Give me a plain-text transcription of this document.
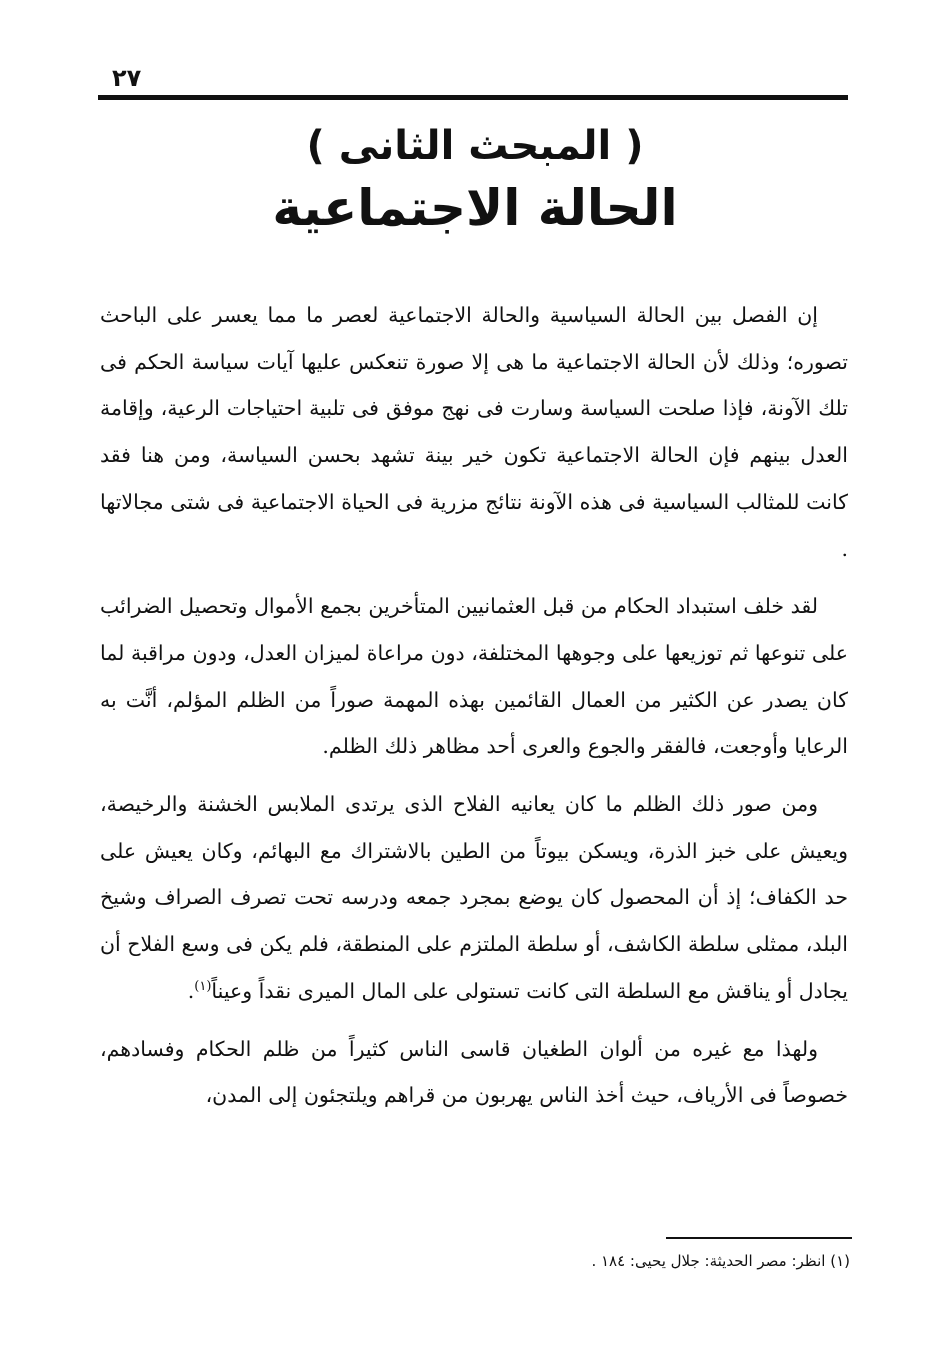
٢٧
( المبحث الثانى )
الحالة الاجتماعية

إن الفصل بين الحالة السياسية والحالة الاجتماعية لعصر ما مما يعسر على الباحث تصوره؛ وذلك لأن الحالة الاجتماعية ما هى إلا صورة تنعكس عليها آيات سياسة الحكم فى تلك الآونة، فإذا صلحت السياسة وسارت فى نهج موفق فى تلبية احتياجات الرعية، وإقامة العدل بينهم فإن الحالة الاجتماعية تكون خير بينة تشهد بحسن السياسة، ومن هنا فقد كانت للمثالب السياسية فى هذه الآونة نتائج مزرية فى الحياة الاجتماعية فى شتى مجالاتها .

لقد خلف استبداد الحكام من قبل العثمانيين المتأخرين بجمع الأموال وتحصيل الضرائب على تنوعها ثم توزيعها على وجوهها المختلفة، دون مراعاة لميزان العدل، ودون مراقبة لما كان يصدر عن الكثير من العمال القائمين بهذه المهمة صوراً من الظلم المؤلم، أنَّت به الرعايا وأوجعت، فالفقر والجوع والعرى أحد مظاهر ذلك الظلم.

ومن صور ذلك الظلم ما كان يعانيه الفلاح الذى يرتدى الملابس الخشنة والرخيصة، ويعيش على خبز الذرة، ويسكن بيوتاً من الطين بالاشتراك مع البهائم، وكان يعيش على حد الكفاف؛ إذ أن المحصول كان يوضع بمجرد جمعه ودرسه تحت تصرف الصراف وشيخ البلد، ممثلى سلطة الكاشف، أو سلطة الملتزم على المنطقة، فلم يكن فى وسع الفلاح أن يجادل أو يناقش مع السلطة التى كانت تستولى على المال الميرى نقداً وعيناً$^{(١)}$.

ولهذا مع غيره من ألوان الطغيان قاسى الناس كثيراً من ظلم الحكام وفسادهم، خصوصاً فى الأرياف، حيث أخذ الناس يهربون من قراهم ويلتجئون إلى المدن،

(١) انظر: مصر الحديثة: جلال يحيى: ١٨٤ .
